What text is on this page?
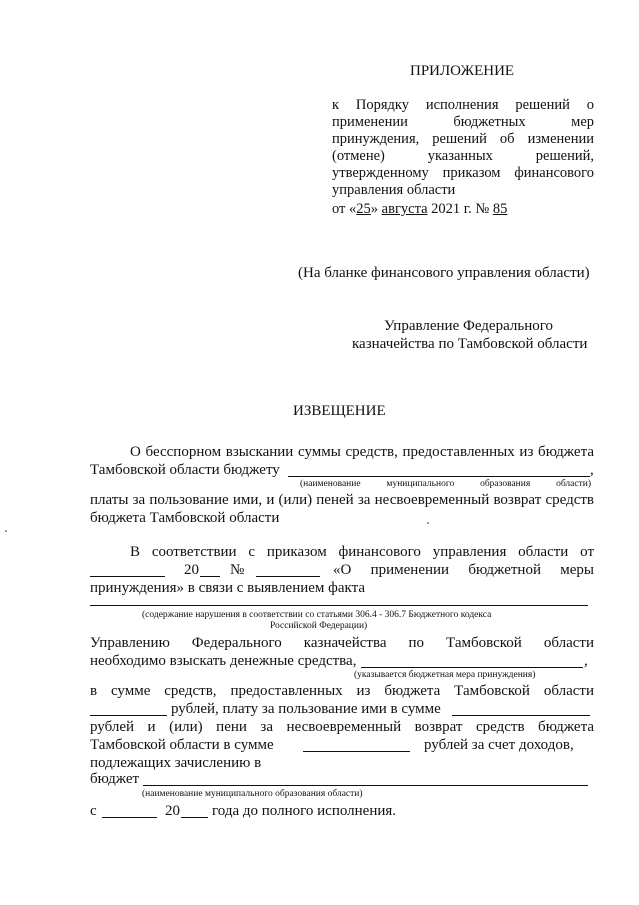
ПРИЛОЖЕНИЕ
к Порядку исполнения решений о
применении бюджетных мер
принуждения, решений об изменении
(отмене) указанных решений,
утвержденному приказом финансового
управления области
от «25» августа 2021 г. № 85
(На бланке финансового управления области)
Управление Федерального
казначейства по Тамбовской области
ИЗВЕЩЕНИЕ
О бесспорном взыскании суммы средств, предоставленных из бюджета
Тамбовской области бюджету	,
(наименование муниципального образования области)
платы за пользование ими, и (или) пеней за несвоевременный возврат средств
бюджета Тамбовской области
В соответствии с приказом финансового управления области от
20 №	«О применении бюджетной меры
принуждения» в связи с выявлением факта
(содержание нарушения в соответствии со статьями 306.4 - 306.7 Бюджетного кодекса
Российской Федерации)
Управлению Федерального казначейства по Тамбовской области
необходимо взыскать денежные средства,	,
(указывается бюджетная мера принуждения)
в сумме средств, предоставленных из бюджета Тамбовской области
рублей, плату за пользование ими в сумме
рублей и (или) пени за несвоевременный возврат средств бюджета
Тамбовской области в сумме	рублей за счет доходов,
подлежащих зачислению в
бюджет
(наименование муниципального образования области)
с	20 года до полного исполнения.
